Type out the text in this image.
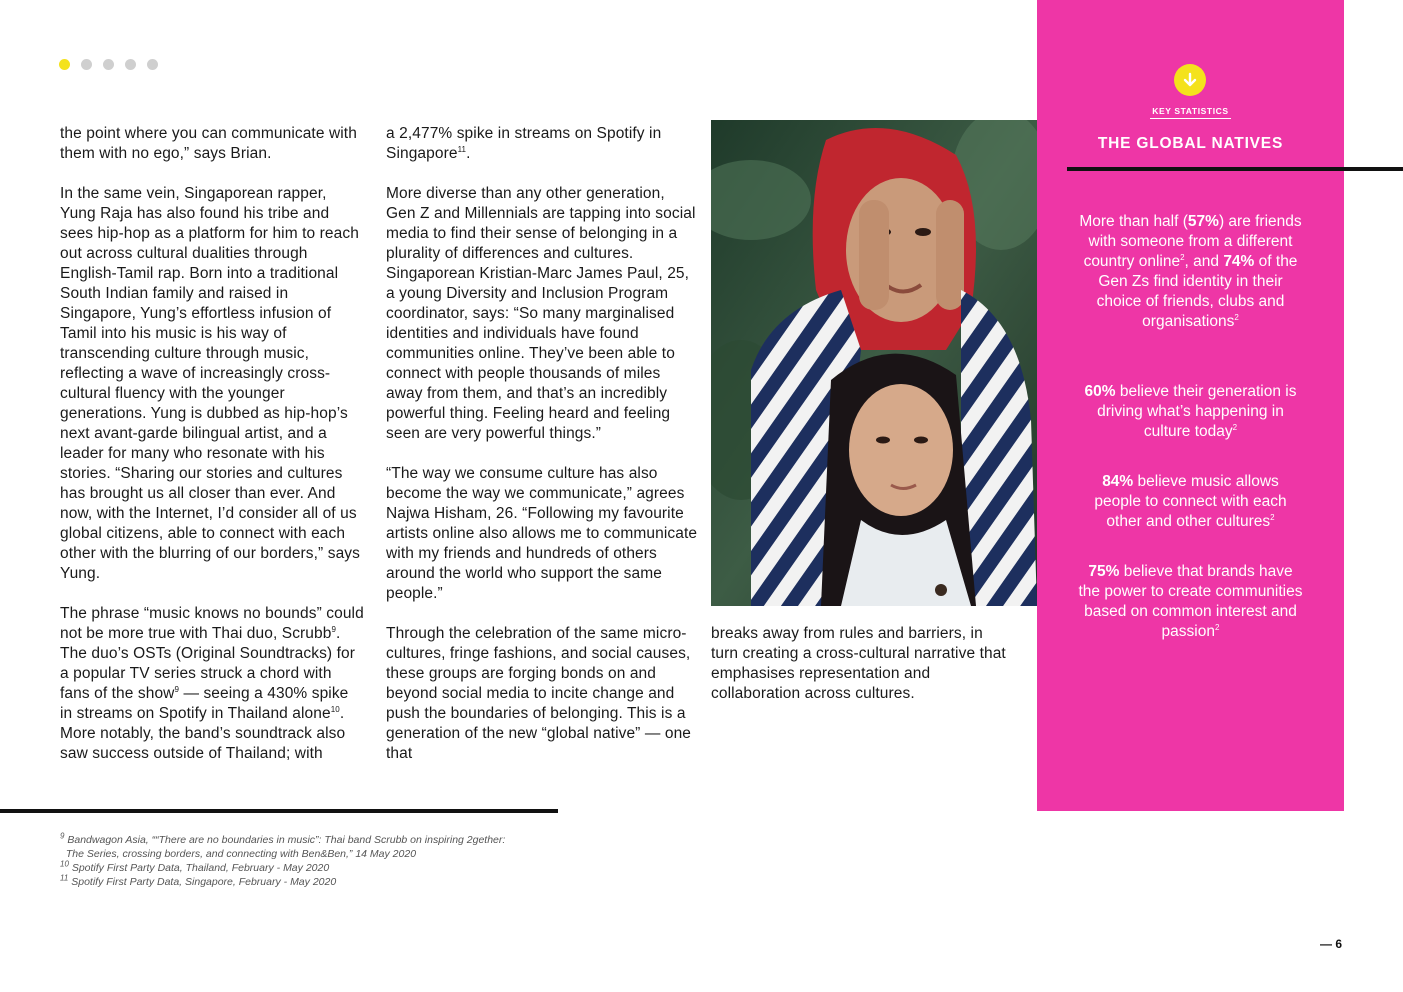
the point where you can communicate with them with no ego,” says Brian.

In the same vein, Singaporean rapper, Yung Raja has also found his tribe and sees hip-hop as a platform for him to reach out across cultural dualities through English-Tamil rap. Born into a traditional South Indian family and raised in Singapore, Yung’s effortless infusion of Tamil into his music is his way of transcending culture through music, reflecting a wave of increasingly cross-cultural fluency with the younger generations. Yung is dubbed as hip-hop’s next avant-garde bilingual artist, and a leader for many who resonate with his stories. “Sharing our stories and cultures has brought us all closer than ever. And now, with the Internet, I’d consider all of us global citizens, able to connect with each other with the blurring of our borders,” says Yung.

The phrase “music knows no bounds” could not be more true with Thai duo, Scrubb$^9$. The duo’s OSTs (Original Soundtracks) for a popular TV series struck a chord with fans of the show$^9$ — seeing a 430% spike in streams on Spotify in Thailand alone$^{10}$. More notably, the band’s soundtrack also saw success outside of Thailand; with

a 2,477% spike in streams on Spotify in Singapore$^{11}$.

More diverse than any other generation, Gen Z and Millennials are tapping into social media to find their sense of belonging in a plurality of differences and cultures. Singaporean Kristian-Marc James Paul, 25, a young Diversity and Inclusion Program coordinator, says: “So many marginalised identities and individuals have found communities online. They’ve been able to connect with people thousands of miles away from them, and that’s an incredibly powerful thing. Feeling heard and feeling seen are very powerful things.”

“The way we consume culture has also become the way we communicate,” agrees Najwa Hisham, 26. “Following my favourite artists online also allows me to communicate with my friends and hundreds of others around the world who support the same people.”

Through the celebration of the same micro-cultures, fringe fashions, and social causes, these groups are forging bonds on and beyond social media to incite change and push the boundaries of belonging. This is a generation of the new “global native” — one that

breaks away from rules and barriers, in turn creating a cross-cultural narrative that emphasises representation and collaboration across cultures.

KEY STATISTICS
THE GLOBAL NATIVES
More than half (57%) are friends with someone from a different country online$^2$, and 74% of the Gen Zs find identity in their choice of friends, clubs and organisations$^2$
60% believe their generation is driving what’s happening in culture today$^2$
84% believe music allows people to connect with each other and other cultures$^2$
75% believe that brands have the power to create communities based on common interest and passion$^2$
$^9$ Bandwagon Asia, ““There are no boundaries in music”: Thai band Scrubb on inspiring 2gether:
The Series, crossing borders, and connecting with Ben&Ben,” 14 May 2020
$^{10}$ Spotify First Party Data, Thailand, February - May 2020
$^{11}$ Spotify First Party Data, Singapore, February - May 2020
— 6
